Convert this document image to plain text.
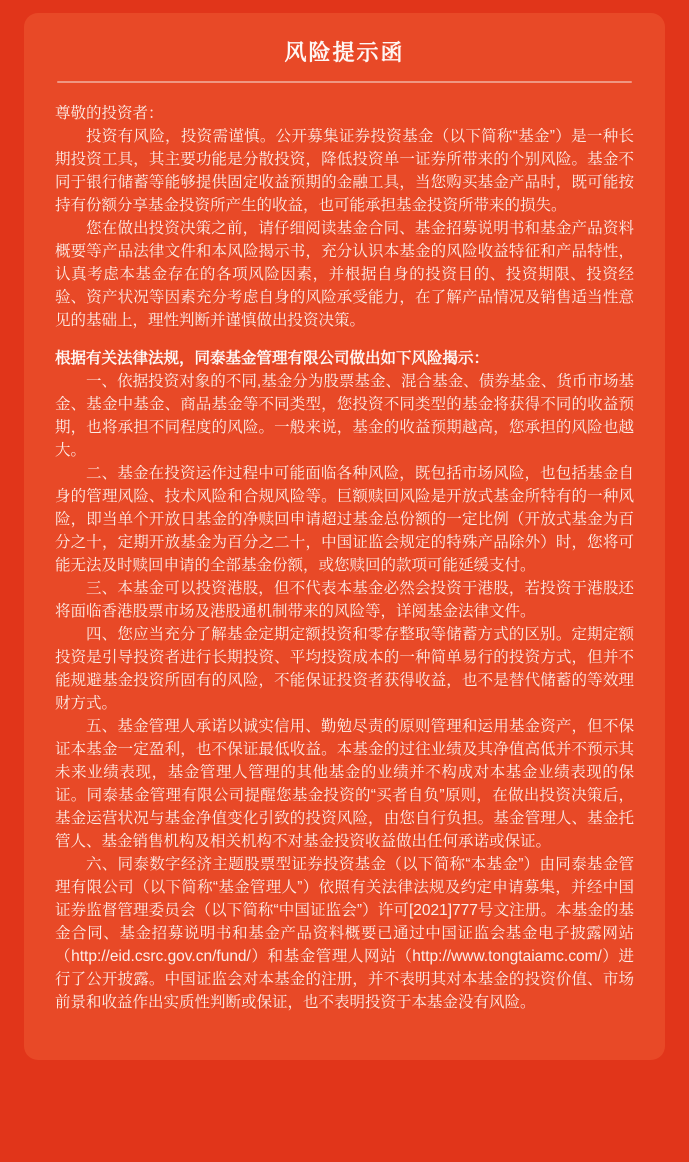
风险提示函

尊敬的投资者：

投资有风险，投资需谨慎。公开募集证券投资基金（以下简称“基金”）是一种长期投资工具，其主要功能是分散投资，降低投资单一证券所带来的个别风险。基金不同于银行储蓄等能够提供固定收益预期的金融工具，当您购买基金产品时，既可能按持有份额分享基金投资所产生的收益，也可能承担基金投资所带来的损失。

您在做出投资决策之前，请仔细阅读基金合同、基金招募说明书和基金产品资料概要等产品法律文件和本风险揭示书，充分认识本基金的风险收益特征和产品特性，认真考虑本基金存在的各项风险因素，并根据自身的投资目的、投资期限、投资经验、资产状况等因素充分考虑自身的风险承受能力，在了解产品情况及销售适当性意见的基础上，理性判断并谨慎做出投资决策。

根据有关法律法规，同泰基金管理有限公司做出如下风险揭示：

一、依据投资对象的不同,基金分为股票基金、混合基金、债券基金、货币市场基金、基金中基金、商品基金等不同类型，您投资不同类型的基金将获得不同的收益预期，也将承担不同程度的风险。一般来说，基金的收益预期越高，您承担的风险也越大。

二、基金在投资运作过程中可能面临各种风险，既包括市场风险，也包括基金自身的管理风险、技术风险和合规风险等。巨额赎回风险是开放式基金所特有的一种风险，即当单个开放日基金的净赎回申请超过基金总份额的一定比例（开放式基金为百分之十，定期开放基金为百分之二十，中国证监会规定的特殊产品除外）时，您将可能无法及时赎回申请的全部基金份额，或您赎回的款项可能延缓支付。

三、本基金可以投资港股，但不代表本基金必然会投资于港股，若投资于港股还将面临香港股票市场及港股通机制带来的风险等，详阅基金法律文件。

四、您应当充分了解基金定期定额投资和零存整取等储蓄方式的区别。定期定额投资是引导投资者进行长期投资、平均投资成本的一种简单易行的投资方式，但并不能规避基金投资所固有的风险，不能保证投资者获得收益，也不是替代储蓄的等效理财方式。

五、基金管理人承诺以诚实信用、勤勉尽责的原则管理和运用基金资产，但不保证本基金一定盈利，也不保证最低收益。本基金的过往业绩及其净值高低并不预示其未来业绩表现，基金管理人管理的其他基金的业绩并不构成对本基金业绩表现的保证。同泰基金管理有限公司提醒您基金投资的“买者自负”原则，在做出投资决策后，基金运营状况与基金净值变化引致的投资风险，由您自行负担。基金管理人、基金托管人、基金销售机构及相关机构不对基金投资收益做出任何承诺或保证。

六、同泰数字经济主题股票型证券投资基金（以下简称“本基金”）由同泰基金管理有限公司（以下简称“基金管理人”）依照有关法律法规及约定申请募集，并经中国证券监督管理委员会（以下简称“中国证监会”）许可[2021]777号文注册。本基金的基金合同、基金招募说明书和基金产品资料概要已通过中国证监会基金电子披露网站（http://eid.csrc.gov.cn/fund/）和基金管理人网站（http://www.tongtaiamc.com/）进行了公开披露。中国证监会对本基金的注册，并不表明其对本基金的投资价值、市场前景和收益作出实质性判断或保证，也不表明投资于本基金没有风险。
